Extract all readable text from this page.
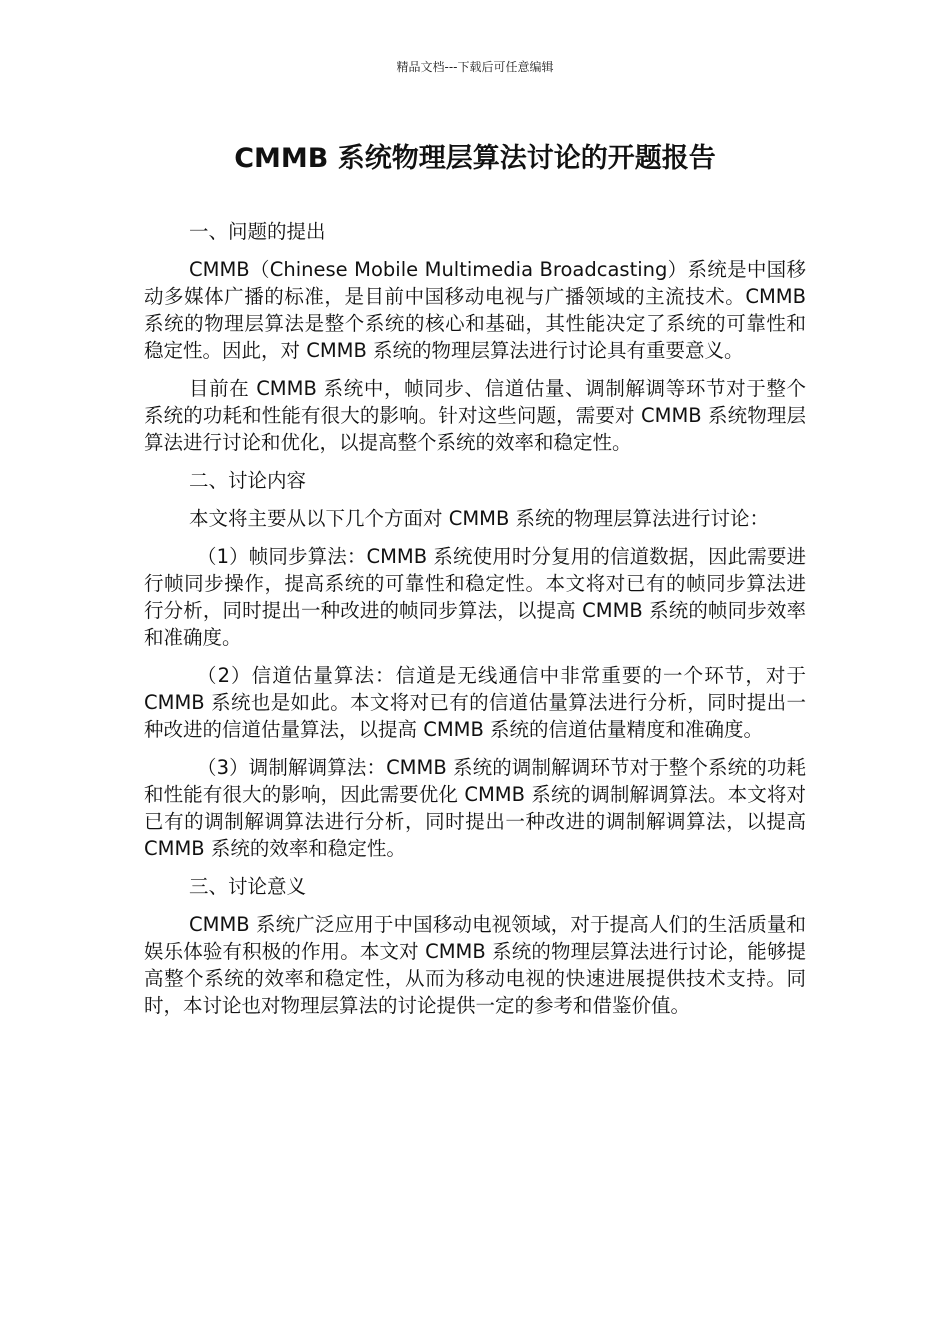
精品文档---下载后可任意编辑
CMMB 系统物理层算法讨论的开题报告

一、问题的提出

CMMB（Chinese Mobile Multimedia Broadcasting）系统是中国移动多媒体广播的标准，是目前中国移动电视与广播领域的主流技术。CMMB 系统的物理层算法是整个系统的核心和基础，其性能决定了系统的可靠性和稳定性。因此，对 CMMB 系统的物理层算法进行讨论具有重要意义。

目前在 CMMB 系统中，帧同步、信道估量、调制解调等环节对于整个系统的功耗和性能有很大的影响。针对这些问题，需要对 CMMB 系统物理层算法进行讨论和优化，以提高整个系统的效率和稳定性。

二、讨论内容

本文将主要从以下几个方面对 CMMB 系统的物理层算法进行讨论：

（1）帧同步算法：CMMB 系统使用时分复用的信道数据，因此需要进行帧同步操作，提高系统的可靠性和稳定性。本文将对已有的帧同步算法进行分析，同时提出一种改进的帧同步算法，以提高 CMMB 系统的帧同步效率和准确度。

（2）信道估量算法：信道是无线通信中非常重要的一个环节，对于 CMMB 系统也是如此。本文将对已有的信道估量算法进行分析，同时提出一种改进的信道估量算法，以提高 CMMB 系统的信道估量精度和准确度。

（3）调制解调算法：CMMB 系统的调制解调环节对于整个系统的功耗和性能有很大的影响，因此需要优化 CMMB 系统的调制解调算法。本文将对已有的调制解调算法进行分析，同时提出一种改进的调制解调算法，以提高 CMMB 系统的效率和稳定性。

三、讨论意义

CMMB 系统广泛应用于中国移动电视领域，对于提高人们的生活质量和娱乐体验有积极的作用。本文对 CMMB 系统的物理层算法进行讨论，能够提高整个系统的效率和稳定性，从而为移动电视的快速进展提供技术支持。同时，本讨论也对物理层算法的讨论提供一定的参考和借鉴价值。
